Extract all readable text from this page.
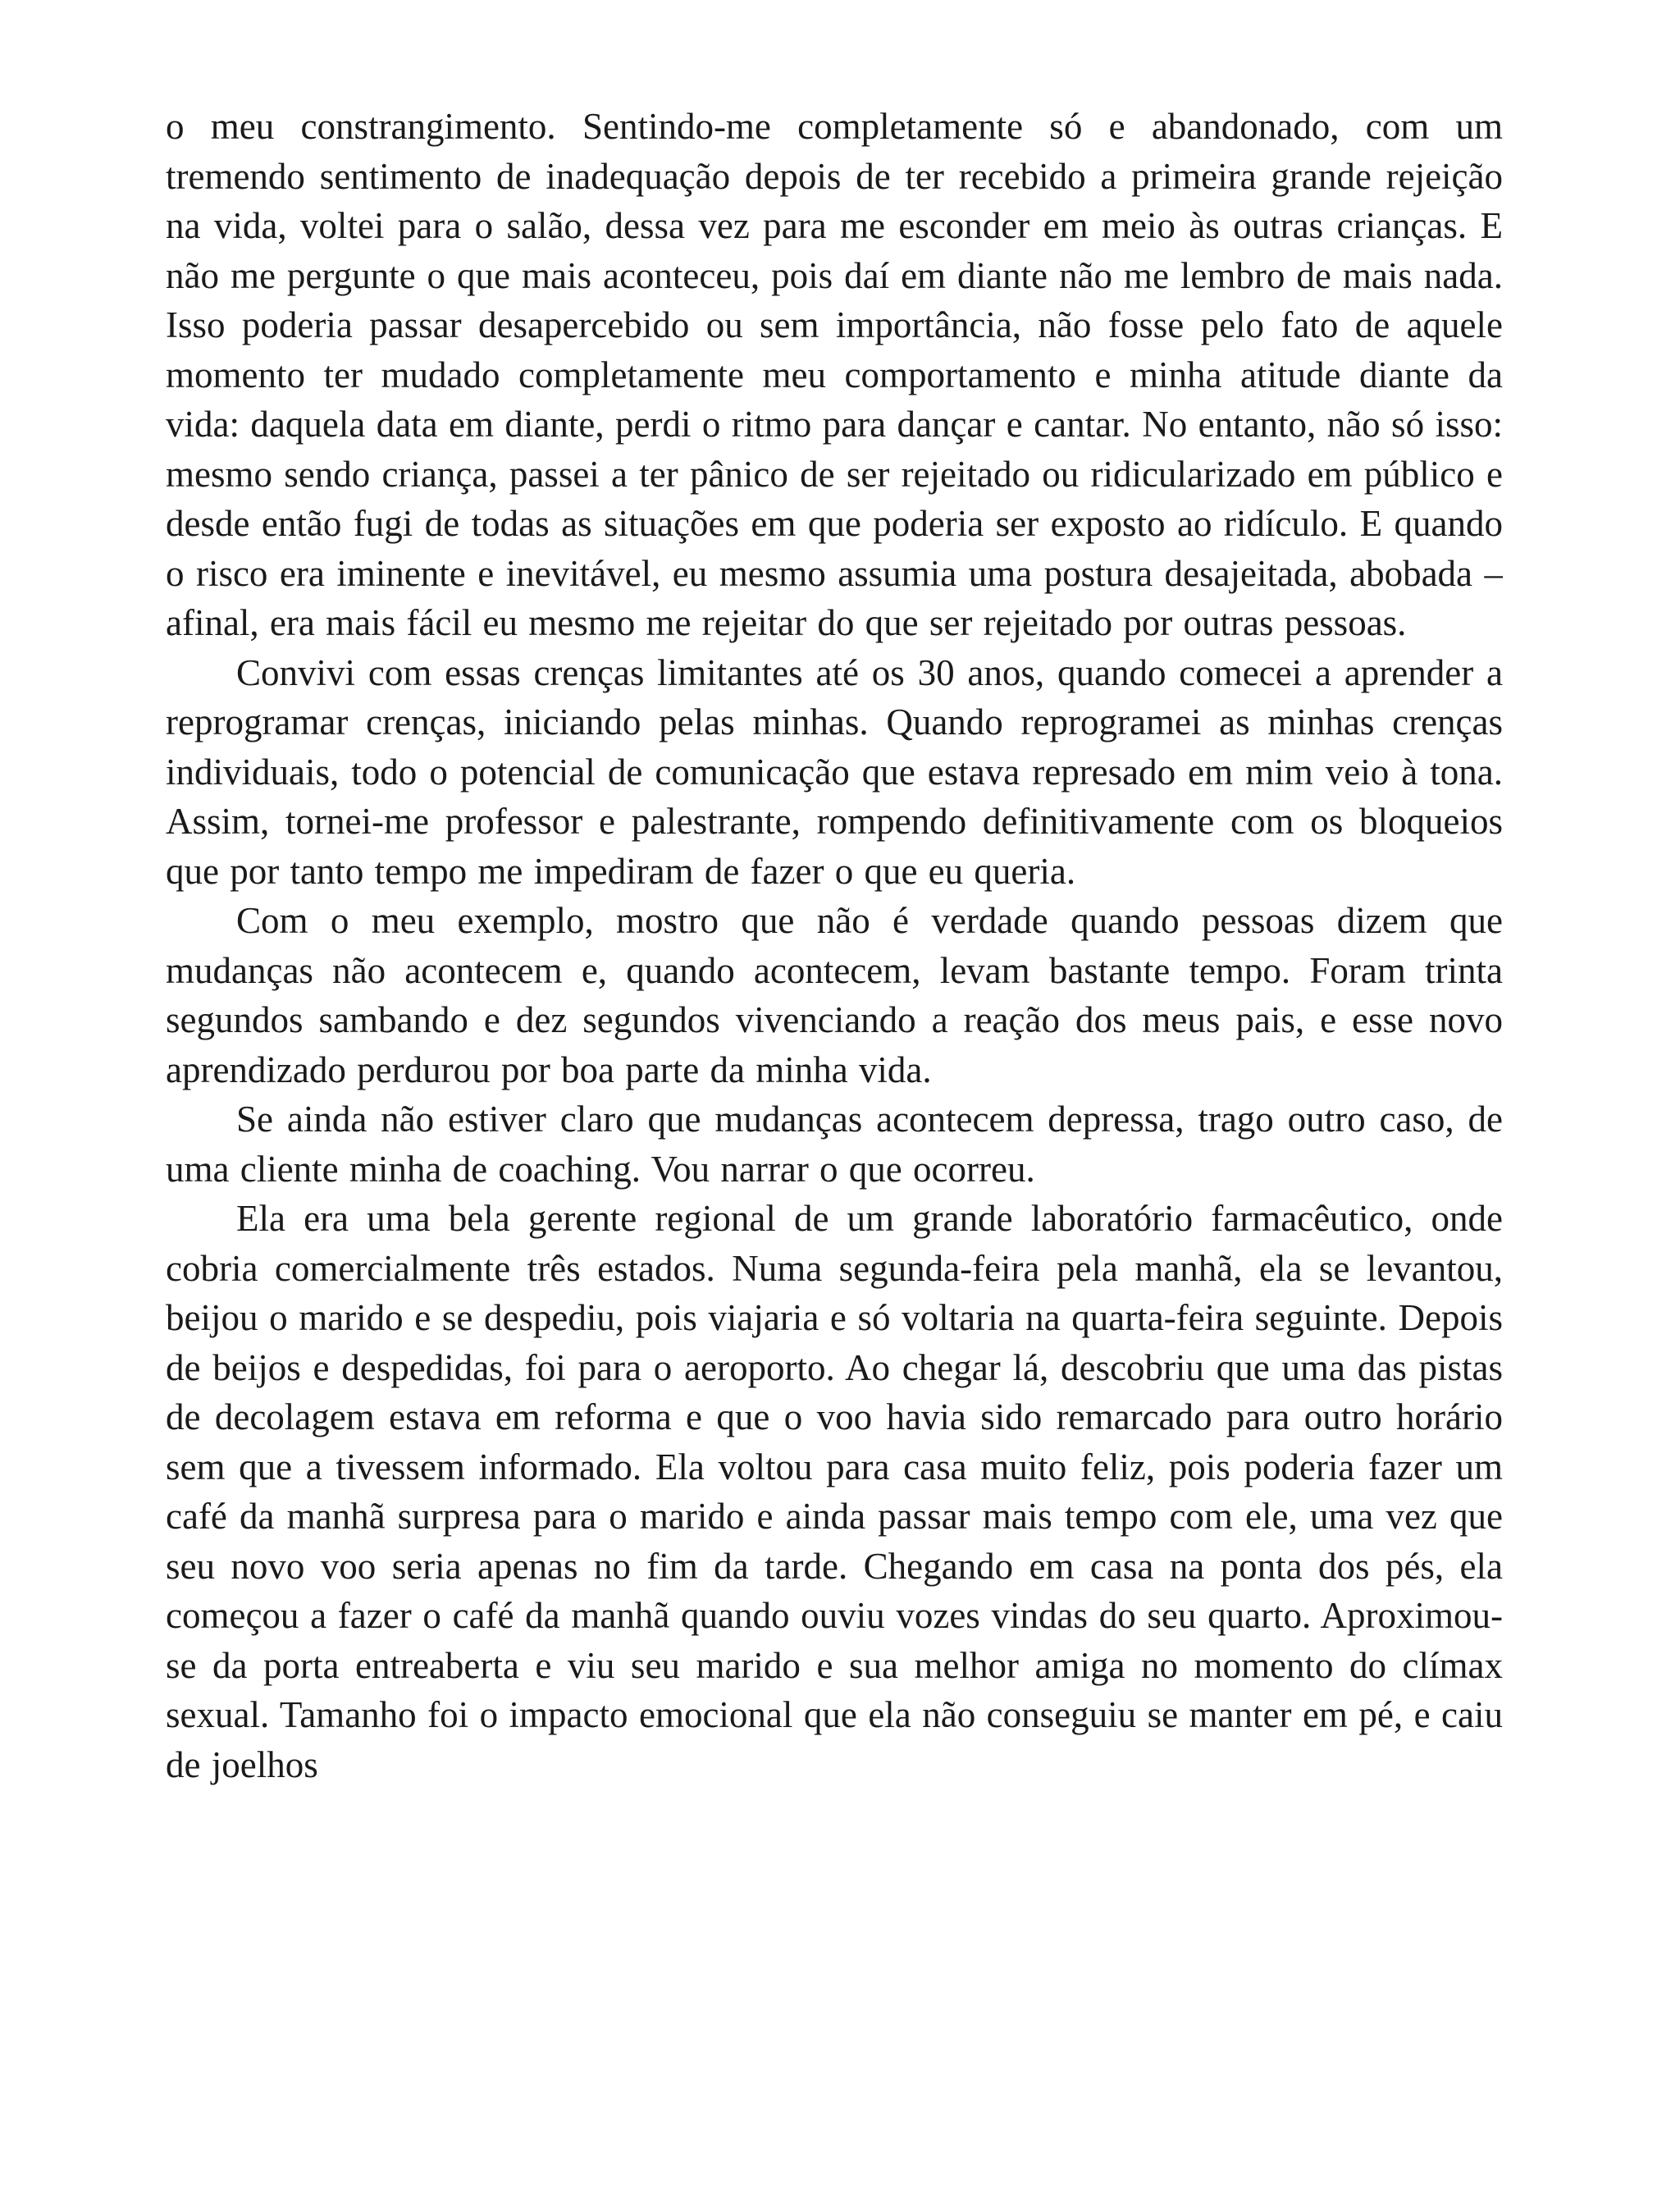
o meu constrangimento. Sentindo-me completamente só e abandonado, com um tremendo sentimento de inadequação depois de ter recebido a primeira grande rejeição na vida, voltei para o salão, dessa vez para me esconder em meio às outras crianças. E não me pergunte o que mais aconteceu, pois daí em diante não me lembro de mais nada. Isso poderia passar desapercebido ou sem importância, não fosse pelo fato de aquele momento ter mudado completamente meu comportamento e minha atitude diante da vida: daquela data em diante, perdi o ritmo para dançar e cantar. No entanto, não só isso: mesmo sendo criança, passei a ter pânico de ser rejeitado ou ridicularizado em público e desde então fugi de todas as situações em que poderia ser exposto ao ridículo. E quando o risco era iminente e inevitável, eu mesmo assumia uma postura desajeitada, abobada – afinal, era mais fácil eu mesmo me rejeitar do que ser rejeitado por outras pessoas.

Convivi com essas crenças limitantes até os 30 anos, quando comecei a aprender a reprogramar crenças, iniciando pelas minhas. Quando reprogramei as minhas crenças individuais, todo o potencial de comunicação que estava represado em mim veio à tona. Assim, tornei-me professor e palestrante, rompendo definitivamente com os bloqueios que por tanto tempo me impediram de fazer o que eu queria.

Com o meu exemplo, mostro que não é verdade quando pessoas dizem que mudanças não acontecem e, quando acontecem, levam bastante tempo. Foram trinta segundos sambando e dez segundos vivenciando a reação dos meus pais, e esse novo aprendizado perdurou por boa parte da minha vida.

Se ainda não estiver claro que mudanças acontecem depressa, trago outro caso, de uma cliente minha de coaching. Vou narrar o que ocorreu.

Ela era uma bela gerente regional de um grande laboratório farmacêutico, onde cobria comercialmente três estados. Numa segunda-feira pela manhã, ela se levantou, beijou o marido e se despediu, pois viajaria e só voltaria na quarta-feira seguinte. Depois de beijos e despedidas, foi para o aeroporto. Ao chegar lá, descobriu que uma das pistas de decolagem estava em reforma e que o voo havia sido remarcado para outro horário sem que a tivessem informado. Ela voltou para casa muito feliz, pois poderia fazer um café da manhã surpresa para o marido e ainda passar mais tempo com ele, uma vez que seu novo voo seria apenas no fim da tarde. Chegando em casa na ponta dos pés, ela começou a fazer o café da manhã quando ouviu vozes vindas do seu quarto. Aproximou-se da porta entreaberta e viu seu marido e sua melhor amiga no momento do clímax sexual. Tamanho foi o impacto emocional que ela não conseguiu se manter em pé, e caiu de joelhos
